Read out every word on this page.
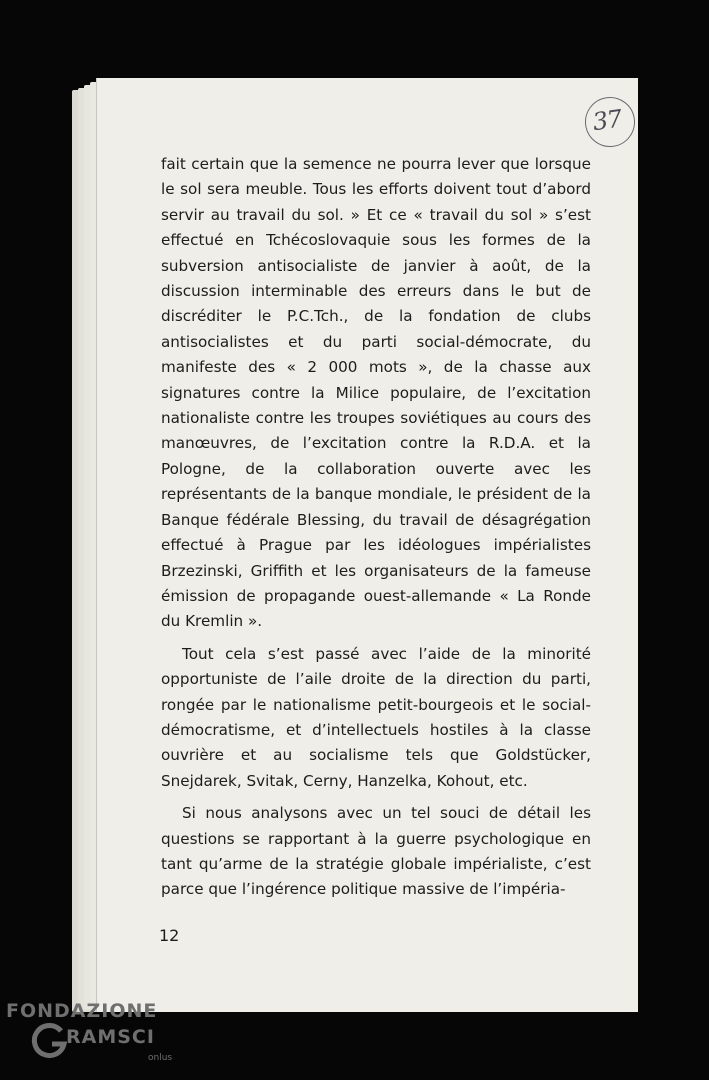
37

fait certain que la semence ne pourra lever que lorsque le sol sera meuble. Tous les efforts doivent tout d’abord servir au travail du sol. » Et ce « travail du sol » s’est effectué en Tchécoslovaquie sous les formes de la subversion antisocialiste de janvier à août, de la discussion interminable des erreurs dans le but de discréditer le P.C.Tch., de la fondation de clubs antisocialistes et du parti social-démocrate, du manifeste des « 2 000 mots », de la chasse aux signatures contre la Milice populaire, de l’excitation nationaliste contre les troupes soviétiques au cours des manœuvres, de l’excitation contre la R.D.A. et la Pologne, de la collaboration ouverte avec les représentants de la banque mondiale, le président de la Banque fédérale Blessing, du travail de désagrégation effectué à Prague par les idéologues impérialistes Brzezinski, Griffith et les organisateurs de la fameuse émission de propagande ouest-allemande « La Ronde du Kremlin ».

Tout cela s’est passé avec l’aide de la minorité opportuniste de l’aile droite de la direction du parti, rongée par le nationalisme petit-bourgeois et le social-démocratisme, et d’intellectuels hostiles à la classe ouvrière et au socialisme tels que Goldstücker, Snejdarek, Svitak, Cerny, Hanzelka, Kohout, etc.

Si nous analysons avec un tel souci de détail les questions se rapportant à la guerre psychologique en tant qu’arme de la stratégie globale impérialiste, c’est parce que l’ingérence politique massive de l’impéria-

12
FONDAZIONE
RAMSCI
onlus
